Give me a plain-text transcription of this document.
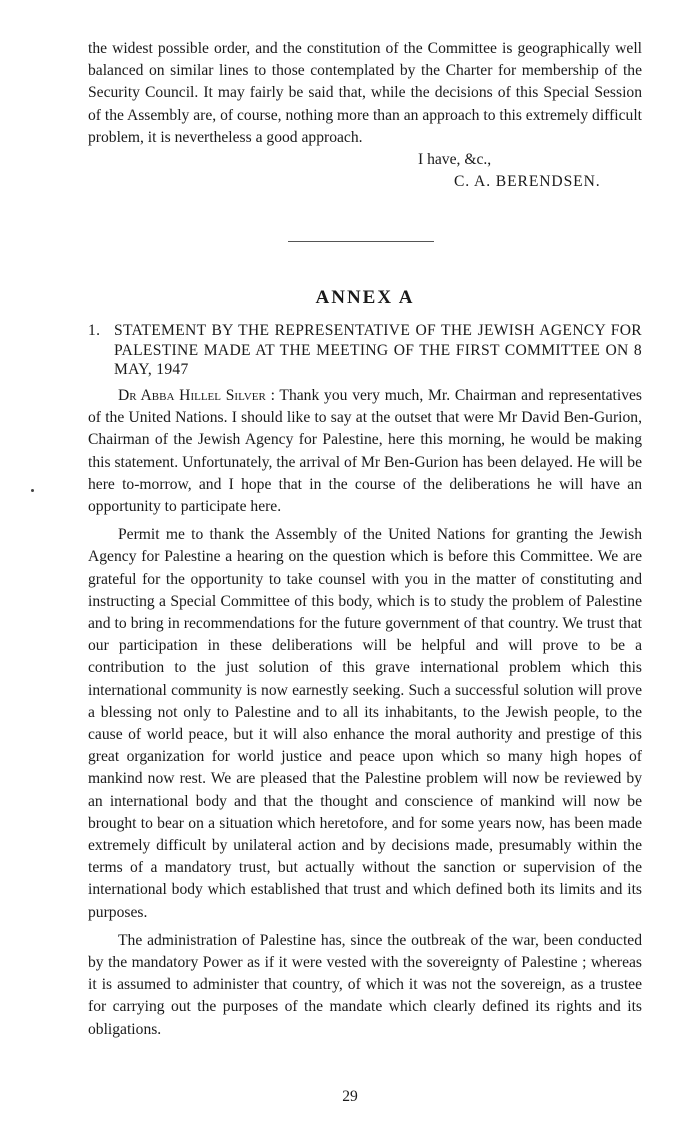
the widest possible order, and the constitution of the Committee is geographically well balanced on similar lines to those contemplated by the Charter for membership of the Security Council. It may fairly be said that, while the decisions of this Special Session of the Assembly are, of course, nothing more than an approach to this extremely difficult problem, it is nevertheless a good approach.

I have, &c.,

C. A. BERENDSEN.

ANNEX A

1. STATEMENT BY THE REPRESENTATIVE OF THE JEWISH AGENCY FOR PALESTINE MADE AT THE MEETING OF THE FIRST COMMITTEE ON 8 MAY, 1947

Dr Abba Hillel Silver : Thank you very much, Mr. Chairman and representatives of the United Nations. I should like to say at the outset that were Mr David Ben-Gurion, Chairman of the Jewish Agency for Palestine, here this morning, he would be making this statement. Unfortunately, the arrival of Mr Ben-Gurion has been delayed. He will be here to-morrow, and I hope that in the course of the deliberations he will have an opportunity to participate here.

Permit me to thank the Assembly of the United Nations for granting the Jewish Agency for Palestine a hearing on the question which is before this Committee. We are grateful for the opportunity to take counsel with you in the matter of constituting and instructing a Special Committee of this body, which is to study the problem of Palestine and to bring in recommendations for the future government of that country. We trust that our participation in these deliberations will be helpful and will prove to be a contribution to the just solution of this grave international problem which this international community is now earnestly seeking. Such a successful solution will prove a blessing not only to Palestine and to all its inhabitants, to the Jewish people, to the cause of world peace, but it will also enhance the moral authority and prestige of this great organization for world justice and peace upon which so many high hopes of mankind now rest. We are pleased that the Palestine problem will now be reviewed by an international body and that the thought and conscience of mankind will now be brought to bear on a situation which heretofore, and for some years now, has been made extremely difficult by unilateral action and by decisions made, presumably within the terms of a mandatory trust, but actually without the sanction or supervision of the international body which established that trust and which defined both its limits and its purposes.

The administration of Palestine has, since the outbreak of the war, been conducted by the mandatory Power as if it were vested with the sovereignty of Palestine ; whereas it is assumed to administer that country, of which it was not the sovereign, as a trustee for carrying out the purposes of the mandate which clearly defined its rights and its obligations.

29
